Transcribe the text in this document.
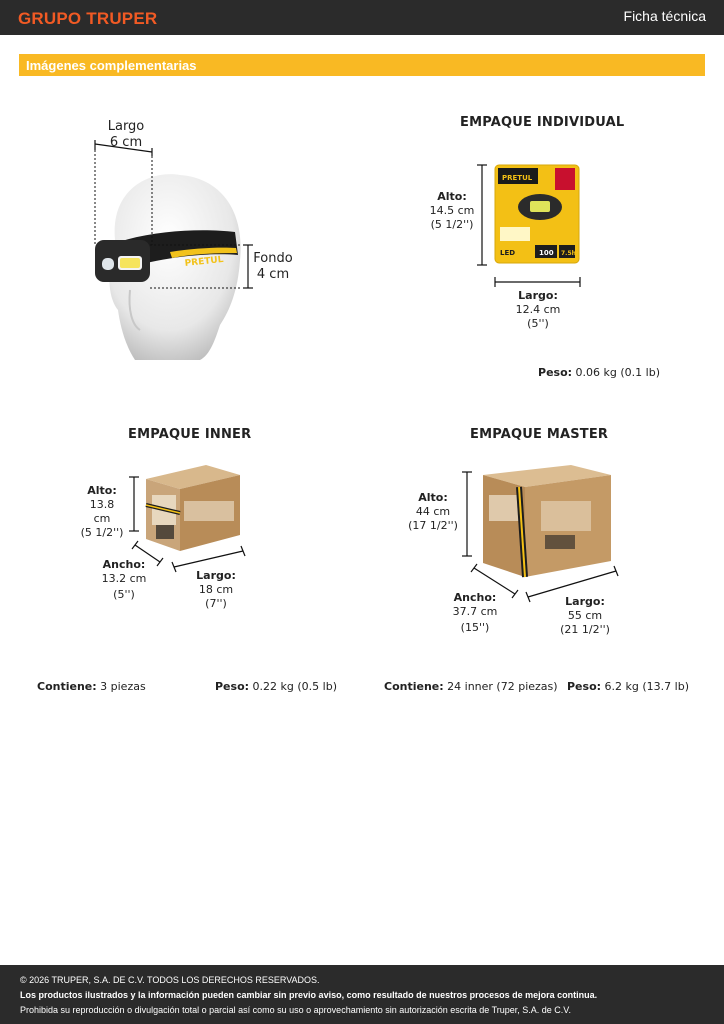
GRUPO TRUPER	Ficha técnica
Imágenes complementarias
PRETUL
Largo
6 cm
Fondo
4 cm
EMPAQUE INDIVIDUAL
PRETUL
100 7.5h
LED
Alto:
14.5 cm
(5 1/2'')
Largo:
12.4 cm
(5'')
Peso: 0.06 kg (0.1 lb)
EMPAQUE INNER
Alto:
13.8 cm
(5 1/2'')
Ancho:
13.2 cm
(5'')
Largo:
18 cm
(7'')
EMPAQUE MASTER
Alto:
44 cm
(17 1/2'')
Ancho:
37.7 cm
(15'')
Largo:
55 cm
(21 1/2'')
Contiene: 3 piezas	Peso: 0.22 kg (0.5 lb)	Contiene: 24 inner (72 piezas) Peso: 6.2 kg (13.7 lb)
© 2026 TRUPER, S.A. DE C.V. TODOS LOS DERECHOS RESERVADOS.
Los productos ilustrados y la información pueden cambiar sin previo aviso, como resultado de nuestros procesos de mejora continua.
Prohibida su reproducción o divulgación total o parcial así como su uso o aprovechamiento sin autorización escrita de Truper, S.A. de C.V.
